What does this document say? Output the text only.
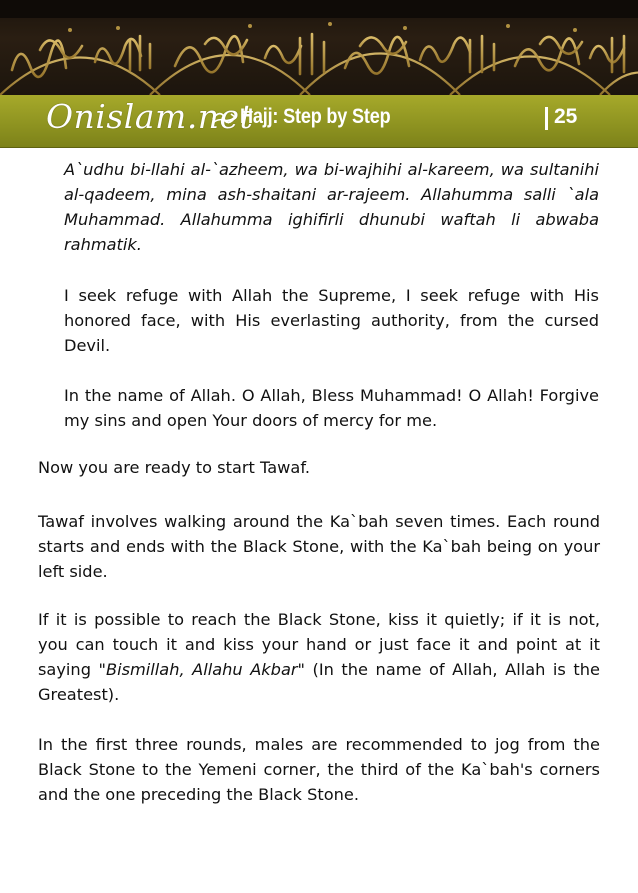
Onislam.net
Hajj: Step by Step	25

A`udhu bi-llahi al-`azheem, wa bi-wajhihi al-kareem, wa sultanihi al-qadeem, mina ash-shaitani ar-rajeem. Allahumma salli `ala Muhammad. Allahumma ighifirli dhunubi waftah li abwaba rahmatik.

I seek refuge with Allah the Supreme, I seek refuge with His honored face, with His everlasting authority, from the cursed Devil.

In the name of Allah. O Allah, Bless Muhammad! O Allah! Forgive my sins and open Your doors of mercy for me.

Now you are ready to start Tawaf.

Tawaf involves walking around the Ka`bah seven times. Each round starts and ends with the Black Stone, with the Ka`bah being on your left side.

If it is possible to reach the Black Stone, kiss it quietly; if it is not, you can touch it and kiss your hand or just face it and point at it saying "Bismillah, Allahu Akbar" (In the name of Allah, Allah is the Greatest).

In the first three rounds, males are recommended to jog from the Black Stone to the Yemeni corner, the third of the Ka`bah's corners and the one preceding the Black Stone.
